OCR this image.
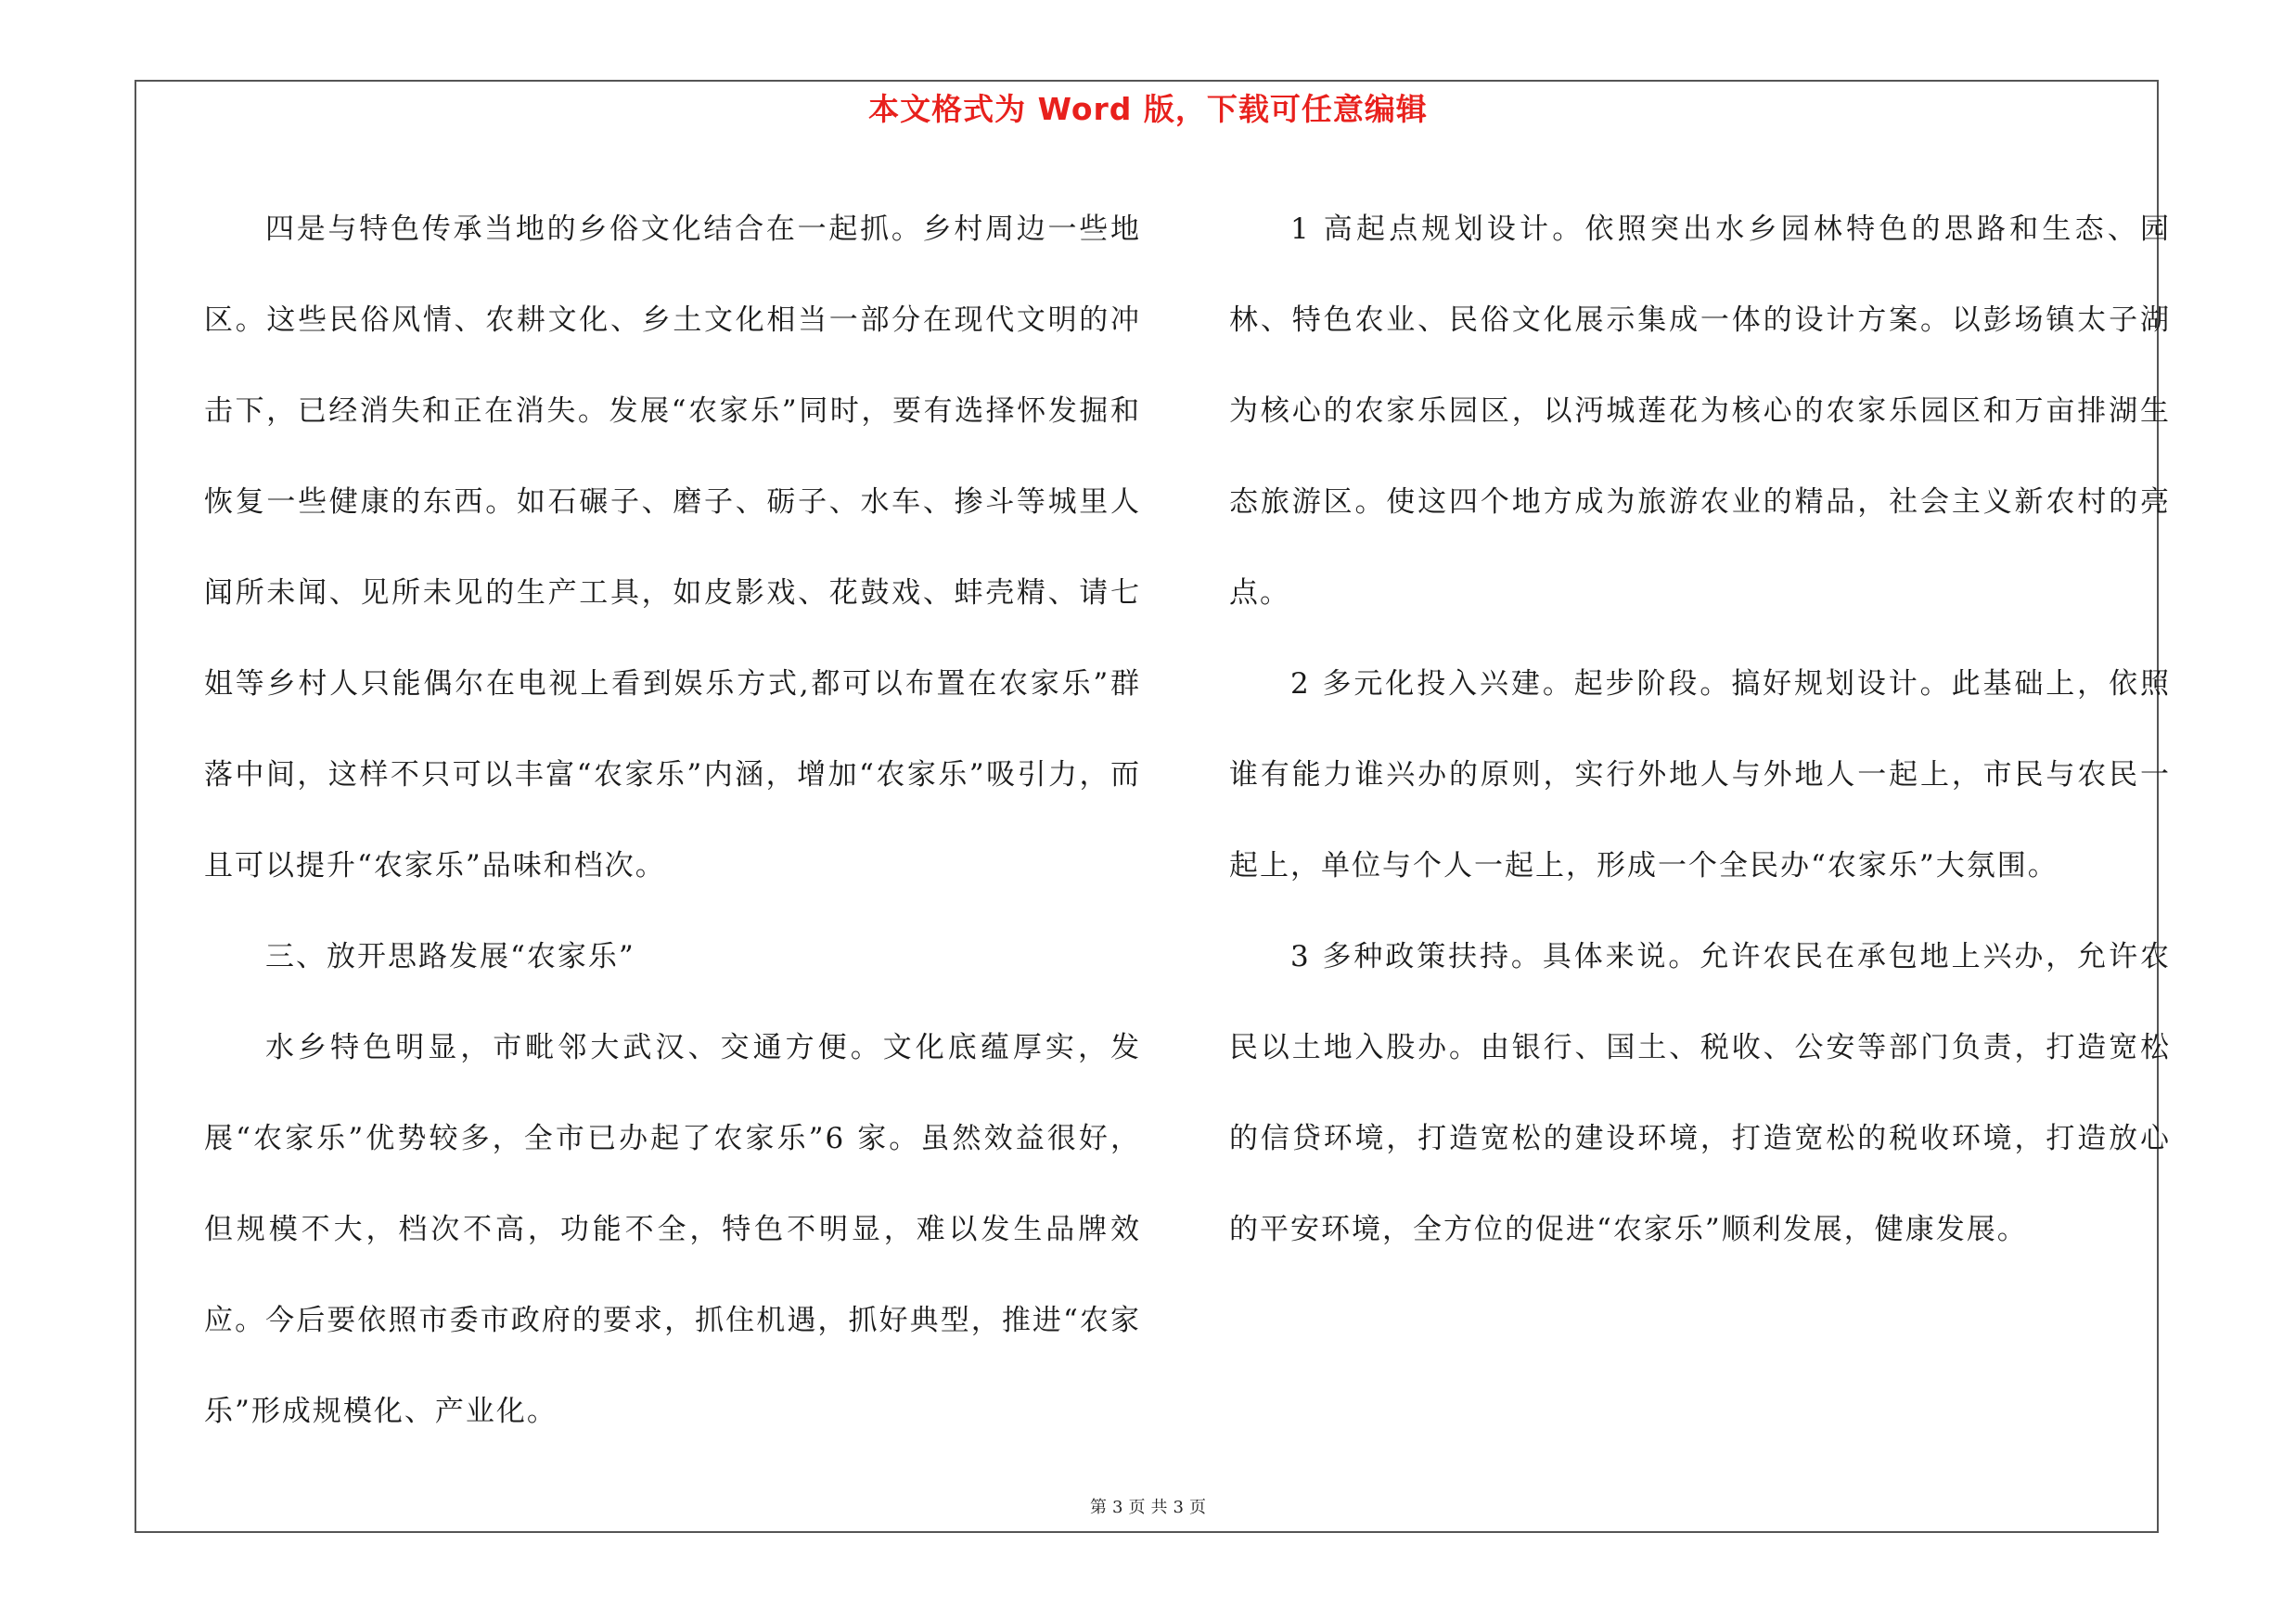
本文格式为 Word 版，下载可任意编辑

四是与特色传承当地的乡俗文化结合在一起抓。乡村周边一些地区。这些民俗风情、农耕文化、乡土文化相当一部分在现代文明的冲击下，已经消失和正在消失。发展“农家乐”同时，要有选择怀发掘和恢复一些健康的东西。如石碾子、磨子、砺子、水车、掺斗等城里人闻所未闻、见所未见的生产工具，如皮影戏、花鼓戏、蚌壳精、请七姐等乡村人只能偶尔在电视上看到娱乐方式,都可以布置在农家乐”群落中间，这样不只可以丰富“农家乐”内涵，增加“农家乐”吸引力，而且可以提升“农家乐”品味和档次。

三、放开思路发展“农家乐”

水乡特色明显，市毗邻大武汉、交通方便。文化底蕴厚实，发展“农家乐”优势较多，全市已办起了农家乐”6 家。虽然效益很好，但规模不大，档次不高，功能不全，特色不明显，难以发生品牌效应。今后要依照市委市政府的要求，抓住机遇，抓好典型，推进“农家乐”形成规模化、产业化。

1 高起点规划设计。依照突出水乡园林特色的思路和生态、园林、特色农业、民俗文化展示集成一体的设计方案。以彭场镇太子湖为核心的农家乐园区，以沔城莲花为核心的农家乐园区和万亩排湖生态旅游区。使这四个地方成为旅游农业的精品，社会主义新农村的亮点。

2 多元化投入兴建。起步阶段。搞好规划设计。此基础上，依照谁有能力谁兴办的原则，实行外地人与外地人一起上，市民与农民一起上，单位与个人一起上，形成一个全民办“农家乐”大氛围。

3 多种政策扶持。具体来说。允许农民在承包地上兴办，允许农民以土地入股办。由银行、国土、税收、公安等部门负责，打造宽松的信贷环境，打造宽松的建设环境，打造宽松的税收环境，打造放心的平安环境，全方位的促进“农家乐”顺利发展，健康发展。

第 3 页 共 3 页
